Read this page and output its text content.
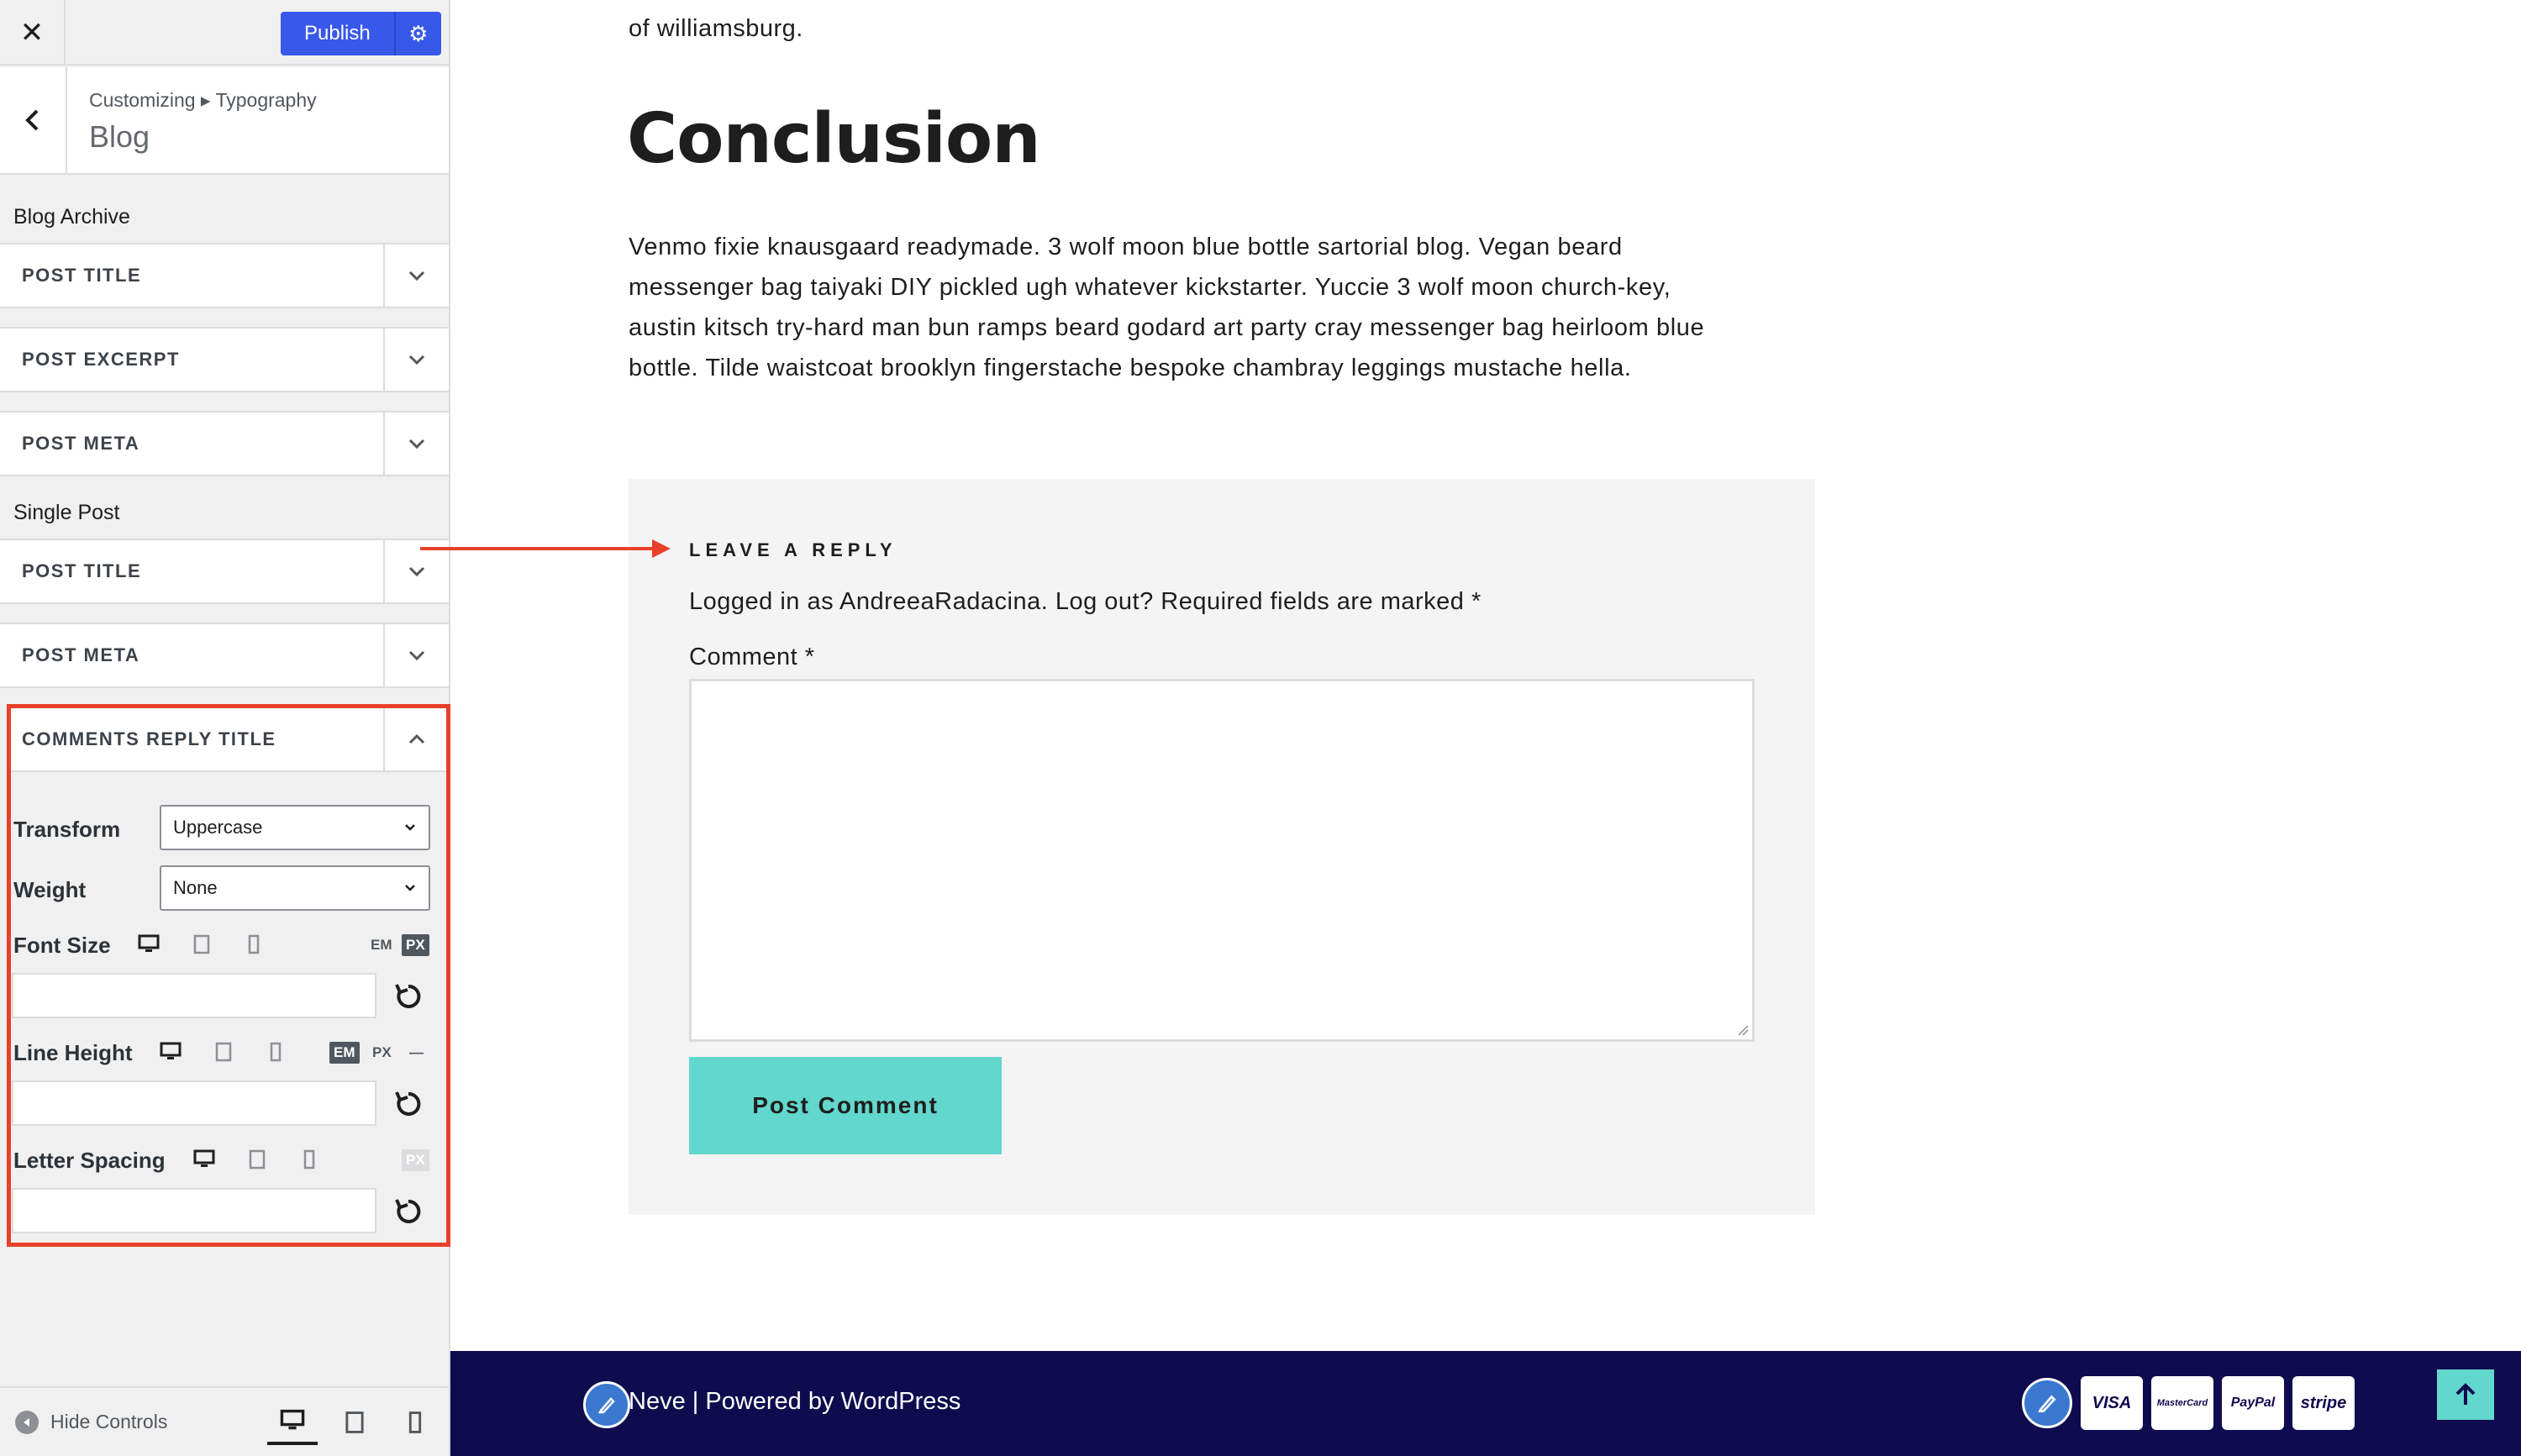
✕	Publish	⚙
Customizing ▸ Typography
Blog
Blog Archive
POST TITLE
POST EXCERPT
POST META
Single Post
POST TITLE
POST META
COMMENTS REPLY TITLE
Transform	Uppercase
Weight	None
Font Size	EM PX
Line Height	EM PX —
Letter Spacing	PX
Hide Controls
of williamsburg.
Conclusion
Venmo fixie knausgaard readymade. 3 wolf moon blue bottle sartorial blog. Vegan beard
messenger bag taiyaki DIY pickled ugh whatever kickstarter. Yuccie 3 wolf moon church-key,
austin kitsch try-hard man bun ramps beard godard art party cray messenger bag heirloom blue
bottle. Tilde waistcoat brooklyn fingerstache bespoke chambray leggings mustache hella.
LEAVE A REPLY
Logged in as AndreeaRadacina. Log out? Required fields are marked *
Comment *
Post Comment
Neve | Powered by WordPress	VISA	MasterCard	PayPal	stripe
